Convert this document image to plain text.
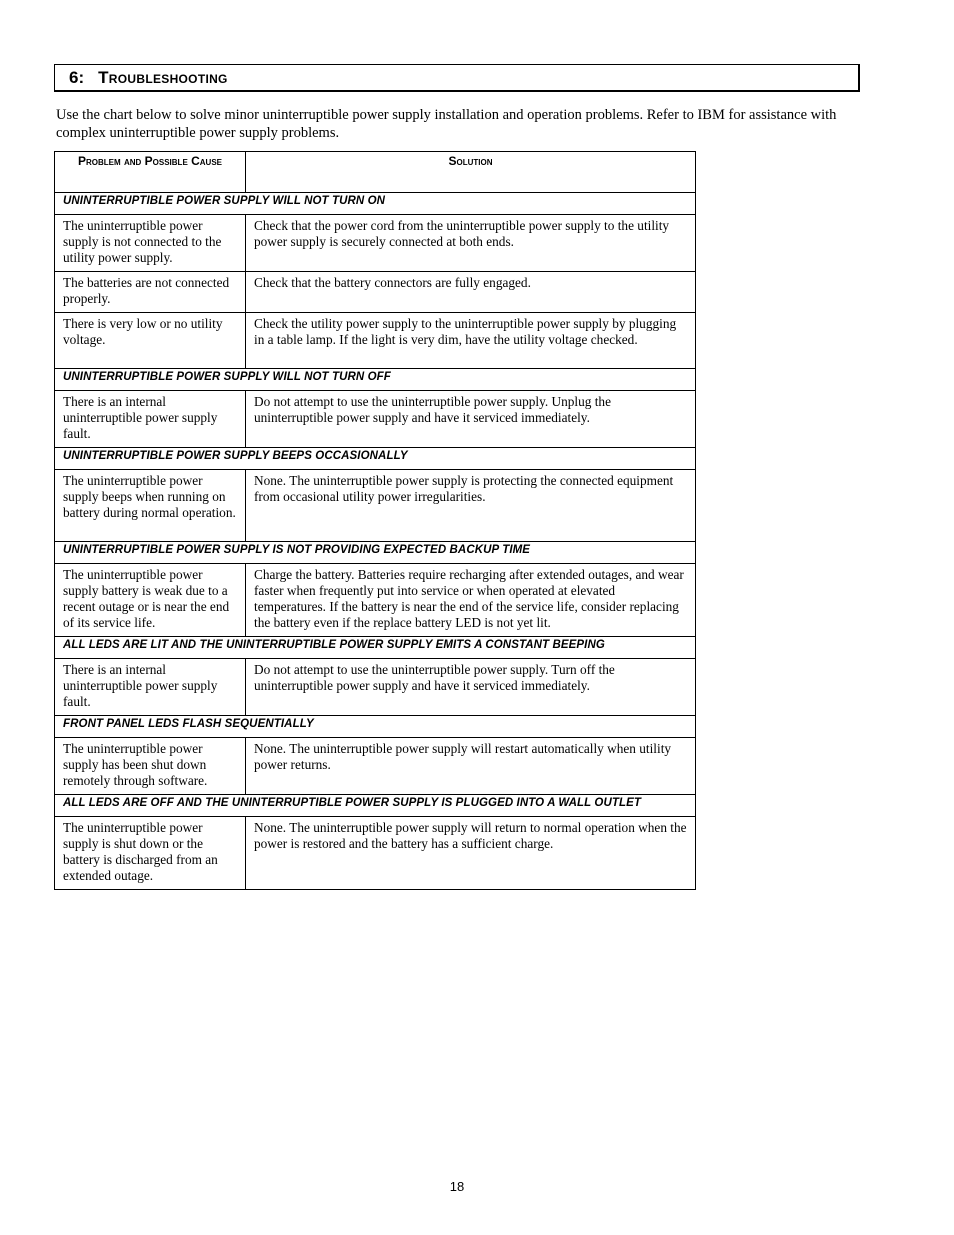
6: Troubleshooting

Use the chart below to solve minor uninterruptible power supply installation and operation problems. Refer to IBM for assistance with complex uninterruptible power supply problems.

Problem and Possible Cause	Solution
UNINTERRUPTIBLE POWER SUPPLY WILL NOT TURN ON	
The uninterruptible power supply is not connected to the utility power supply.	Check that the power cord from the uninterruptible power supply to the utility power supply is securely connected at both ends.
The batteries are not connected properly.	Check that the battery connectors are fully engaged.
There is very low or no utility voltage.	Check the utility power supply to the uninterruptible power supply by plugging in a table lamp. If the light is very dim, have the utility voltage checked.
UNINTERRUPTIBLE POWER SUPPLY WILL NOT TURN OFF	
There is an internal uninterruptible power supply fault.	Do not attempt to use the uninterruptible power supply. Unplug the uninterruptible power supply and have it serviced immediately.
UNINTERRUPTIBLE POWER SUPPLY BEEPS OCCASIONALLY	
The uninterruptible power supply beeps when running on battery during normal operation.	None. The uninterruptible power supply is protecting the connected equipment from occasional utility power irregularities.
UNINTERRUPTIBLE POWER SUPPLY IS NOT PROVIDING EXPECTED BACKUP TIME	
The uninterruptible power supply battery is weak due to a recent outage or is near the end of its service life.	Charge the battery. Batteries require recharging after extended outages, and wear faster when frequently put into service or when operated at elevated temperatures. If the battery is near the end of the service life, consider replacing the battery even if the replace battery LED is not yet lit.
ALL LEDS ARE LIT AND THE UNINTERRUPTIBLE POWER SUPPLY EMITS A CONSTANT BEEPING	
There is an internal uninterruptible power supply fault.	Do not attempt to use the uninterruptible power supply. Turn off the uninterruptible power supply and have it serviced immediately.
FRONT PANEL LEDS FLASH SEQUENTIALLY	
The uninterruptible power supply has been shut down remotely through software.	None. The uninterruptible power supply will restart automatically when utility power returns.
ALL LEDS ARE OFF AND THE UNINTERRUPTIBLE POWER SUPPLY IS PLUGGED INTO A WALL OUTLET	
The uninterruptible power supply is shut down or the battery is discharged from an extended outage.	None. The uninterruptible power supply will return to normal operation when the power is restored and the battery has a sufficient charge.
18
